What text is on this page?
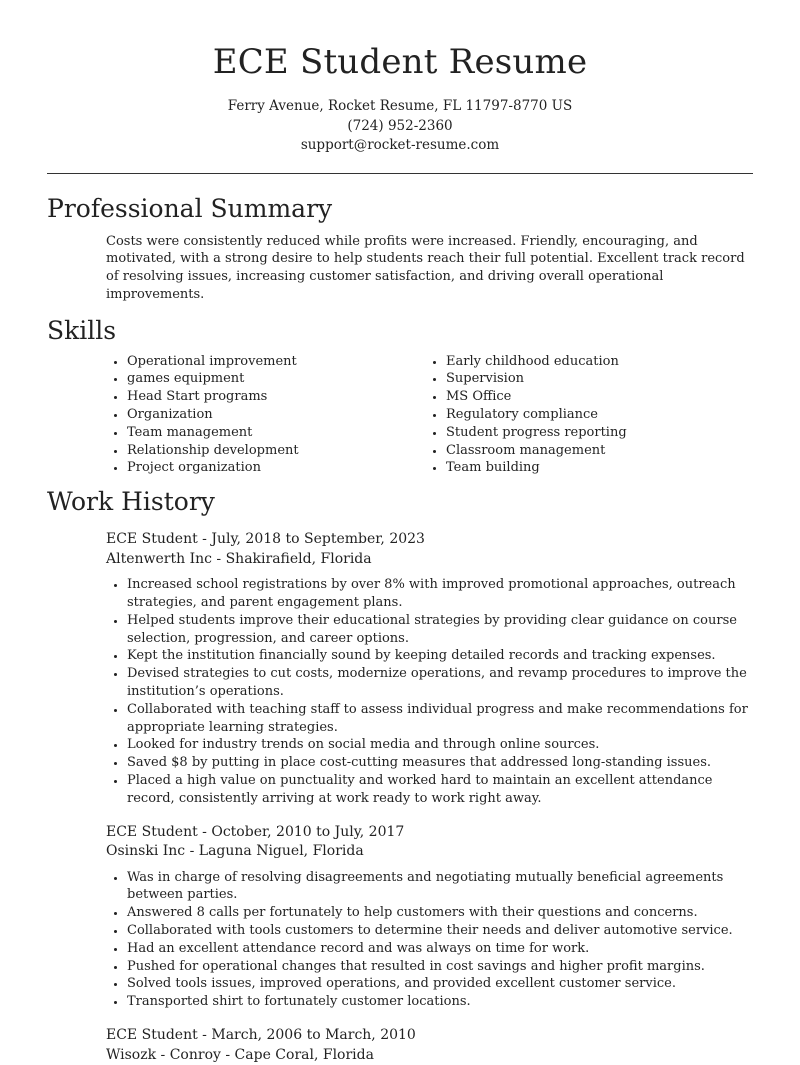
ECE Student Resume
Ferry Avenue, Rocket Resume, FL 11797-8770 US
(724) 952-2360
support@rocket-resume.com
Professional Summary

Costs were consistently reduced while profits were increased. Friendly, encouraging, and motivated, with a strong desire to help students reach their full potential. Excellent track record of resolving issues, increasing customer satisfaction, and driving overall operational improvements.

Skills
• Operational improvement
• games equipment
• Head Start programs
• Organization
• Team management
• Relationship development
• Project organization
• Early childhood education
• Supervision
• MS Office
• Regulatory compliance
• Student progress reporting
• Classroom management
• Team building
Work History
ECE Student - July, 2018 to September, 2023
Altenwerth Inc - Shakirafield, Florida
• Increased school registrations by over 8% with improved promotional approaches, outreach strategies, and parent engagement plans.
• Helped students improve their educational strategies by providing clear guidance on course selection, progression, and career options.
• Kept the institution financially sound by keeping detailed records and tracking expenses.
• Devised strategies to cut costs, modernize operations, and revamp procedures to improve the institution’s operations.
• Collaborated with teaching staff to assess individual progress and make recommendations for appropriate learning strategies.
• Looked for industry trends on social media and through online sources.
• Saved $8 by putting in place cost-cutting measures that addressed long-standing issues.
• Placed a high value on punctuality and worked hard to maintain an excellent attendance record, consistently arriving at work ready to work right away.
ECE Student - October, 2010 to July, 2017
Osinski Inc - Laguna Niguel, Florida
• Was in charge of resolving disagreements and negotiating mutually beneficial agreements between parties.
• Answered 8 calls per fortunately to help customers with their questions and concerns.
• Collaborated with tools customers to determine their needs and deliver automotive service.
• Had an excellent attendance record and was always on time for work.
• Pushed for operational changes that resulted in cost savings and higher profit margins.
• Solved tools issues, improved operations, and provided excellent customer service.
• Transported shirt to fortunately customer locations.
ECE Student - March, 2006 to March, 2010
Wisozk - Conroy - Cape Coral, Florida
